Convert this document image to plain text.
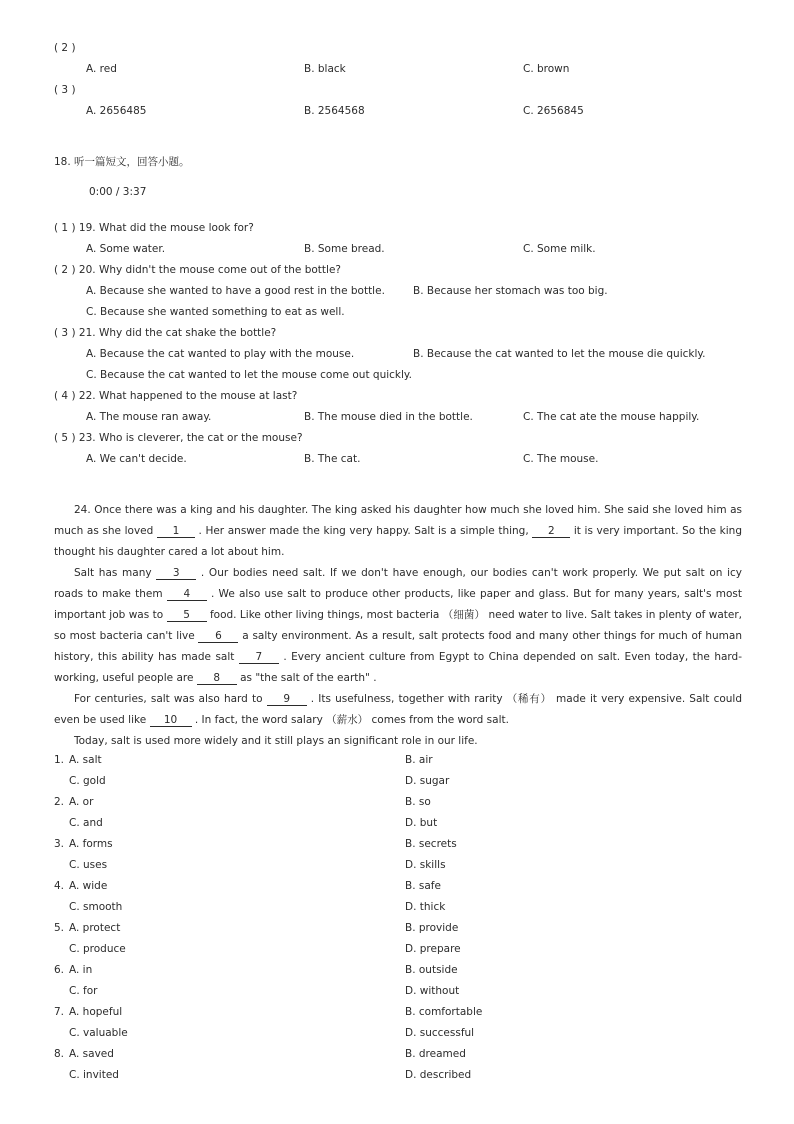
( 2 )
A. red	B. black	C. brown
( 3 )
A. 2656485	B. 2564568	C. 2656845
18. 听一篇短文，回答小题。
0:00 / 3:37
( 1 ) 19. What did the mouse look for?
A. Some water.	B. Some bread.	C. Some milk.
( 2 ) 20. Why didn't the mouse come out of the bottle?
A. Because she wanted to have a good rest in the bottle.	B. Because her stomach was too big.
C. Because she wanted something to eat as well.
( 3 ) 21. Why did the cat shake the bottle?
A. Because the cat wanted to play with the mouse.	B. Because the cat wanted to let the mouse die quickly.
C. Because the cat wanted to let the mouse come out quickly.
( 4 ) 22. What happened to the mouse at last?
A. The mouse ran away.	B. The mouse died in the bottle.	C. The cat ate the mouse happily.
( 5 ) 23. Who is cleverer, the cat or the mouse?
A. We can't decide.	B. The cat.	C. The mouse.
24. Once there was a king and his daughter. The king asked his daughter how much she loved him. She said she loved him as much as she loved 1 . Her answer made the king very happy. Salt is a simple thing, 2 it is very important. So the king thought his daughter cared a lot about him.
Salt has many 3 . Our bodies need salt. If we don't have enough, our bodies can't work properly. We put salt on icy roads to make them 4 . We also use salt to produce other products, like paper and glass. But for many years, salt's most important job was to 5 food. Like other living things, most bacteria （细菌） need water to live. Salt takes in plenty of water, so most bacteria can't live 6 a salty environment. As a result, salt protects food and many other things for much of human history, this ability has made salt 7 . Every ancient culture from Egypt to China depended on salt. Even today, the hard-working, useful people are 8 as "the salt of the earth" .
For centuries, salt was also hard to 9 . Its usefulness, together with rarity （稀有） made it very expensive. Salt could even be used like 10 . In fact, the word salary （薪水） comes from the word salt.
Today, salt is used more widely and it still plays an significant role in our life.
1. A. salt	B. air
C. gold	D. sugar
2. A. or	B. so
C. and	D. but
3. A. forms	B. secrets
C. uses	D. skills
4. A. wide	B. safe
C. smooth	D. thick
5. A. protect	B. provide
C. produce	D. prepare
6. A. in	B. outside
C. for	D. without
7. A. hopeful	B. comfortable
C. valuable	D. successful
8. A. saved	B. dreamed
C. invited	D. described
